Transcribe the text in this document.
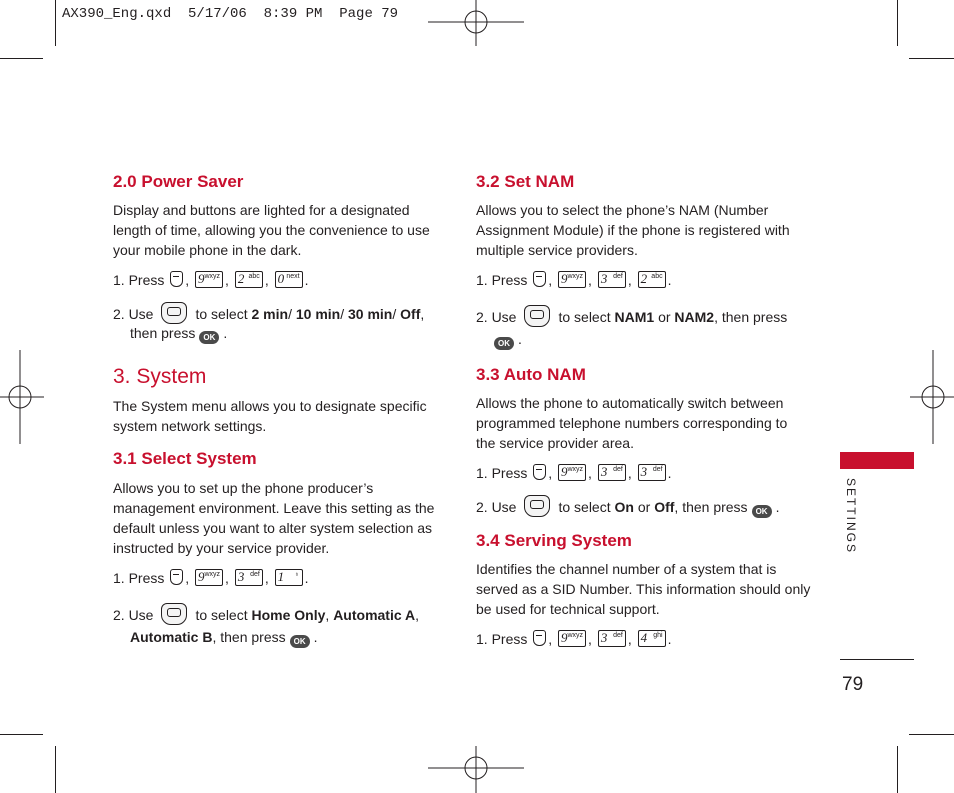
AX390_Eng.qxd  5/17/06  8:39 PM  Page 79
2.0 Power Saver

Display and buttons are lighted for a designated length of time, allowing you the convenience to use your mobile phone in the dark.

1. Press , 9 wxyz , 2 abc , 0 next .
2. Use	to select 2 min/ 10 min/ 30 min/ Off,
then press OK .
3. System

The System menu allows you to designate specific system network settings.

3.1 Select System

Allows you to set up the phone producer’s management environment. Leave this setting as the default unless you want to alter system selection as instructed by your service provider.

1. Press , 9 wxyz , 3 def , 1 ♁ .
2. Use	to select Home Only, Automatic A,
Automatic B, then press OK .
3.2 Set NAM

Allows you to select the phone’s NAM (Number Assignment Module) if the phone is registered with multiple service providers.

1. Press , 9 wxyz , 3 def , 2 abc .
2. Use	to select NAM1 or NAM2, then press
OK .
3.3 Auto NAM

Allows the phone to automatically switch between programmed telephone numbers corresponding to the service provider area.

1. Press , 9 wxyz , 3 def , 3 def .
2. Use	to select On or Off, then press OK .
3.4 Serving System

Identifies the channel number of a system that is served as a SID Number. This information should only be used for technical support.

1. Press , 9 wxyz , 3 def , 4 ghi .
SETTINGS
79
